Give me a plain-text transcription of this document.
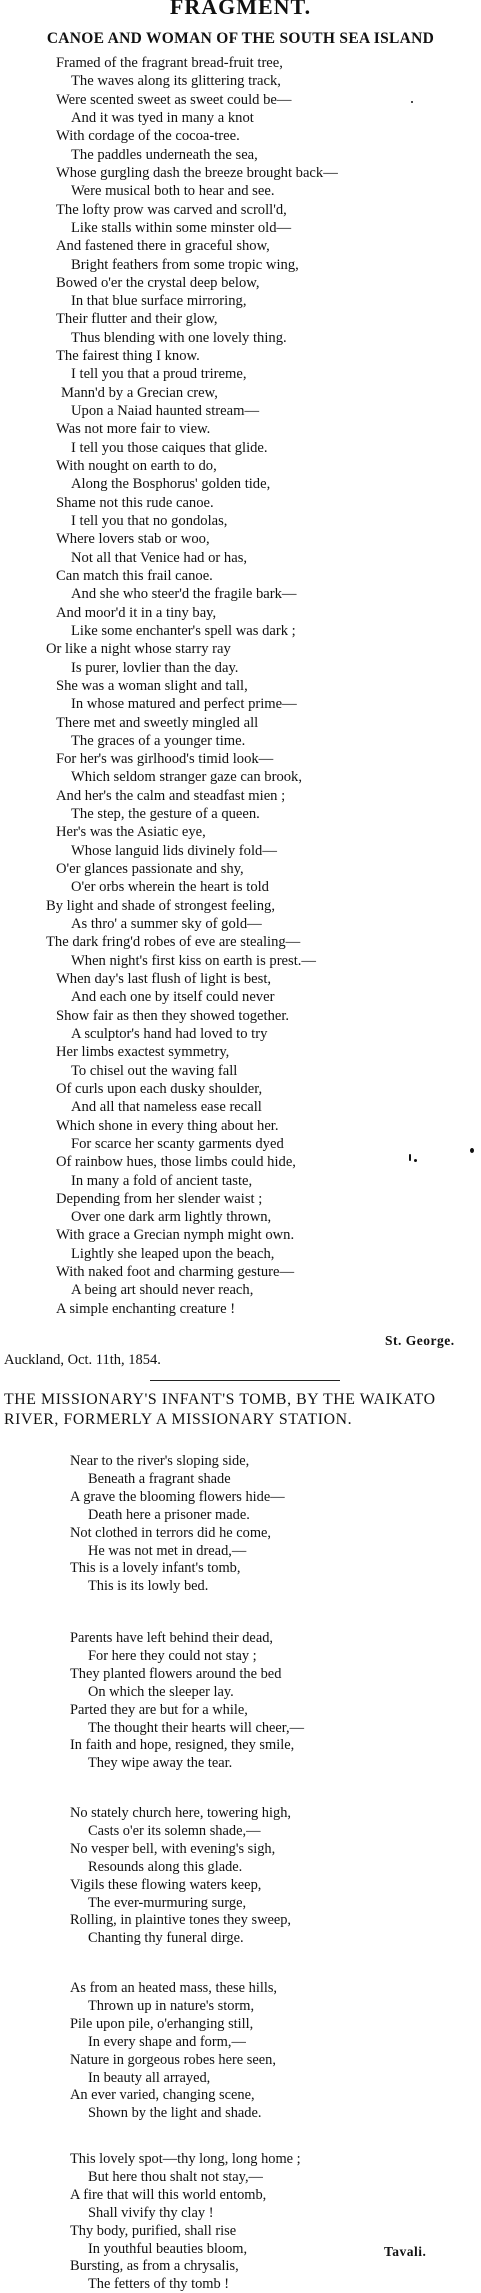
FRAGMENT.
CANOE AND WOMAN OF THE SOUTH SEA ISLAND
Framed of the fragrant bread-fruit tree,
The waves along its glittering track,
Were scented sweet as sweet could be—
And it was tyed in many a knot
With cordage of the cocoa-tree.
The paddles underneath the sea,
Whose gurgling dash the breeze brought back—
Were musical both to hear and see.
The lofty prow was carved and scroll'd,
Like stalls within some minster old—
And fastened there in graceful show,
Bright feathers from some tropic wing,
Bowed o'er the crystal deep below,
In that blue surface mirroring,
Their flutter and their glow,
Thus blending with one lovely thing.
The fairest thing I know.
I tell you that a proud trireme,
Mann'd by a Grecian crew,
Upon a Naiad haunted stream—
Was not more fair to view.
I tell you those caiques that glide.
With nought on earth to do,
Along the Bosphorus' golden tide,
Shame not this rude canoe.
I tell you that no gondolas,
Where lovers stab or woo,
Not all that Venice had or has,
Can match this frail canoe.
And she who steer'd the fragile bark—
And moor'd it in a tiny bay,
Like some enchanter's spell was dark ;
Or like a night whose starry ray
Is purer, lovlier than the day.
She was a woman slight and tall,
In whose matured and perfect prime—
There met and sweetly mingled all
The graces of a younger time.
For her's was girlhood's timid look—
Which seldom stranger gaze can brook,
And her's the calm and steadfast mien ;
The step, the gesture of a queen.
Her's was the Asiatic eye,
Whose languid lids divinely fold—
O'er glances passionate and shy,
O'er orbs wherein the heart is told
By light and shade of strongest feeling,
As thro' a summer sky of gold—
The dark fring'd robes of eve are stealing—
When night's first kiss on earth is prest.—
When day's last flush of light is best,
And each one by itself could never
Show fair as then they showed together.
A sculptor's hand had loved to try
Her limbs exactest symmetry,
To chisel out the waving fall
Of curls upon each dusky shoulder,
And all that nameless ease recall
Which shone in every thing about her.
For scarce her scanty garments dyed
Of rainbow hues, those limbs could hide,
In many a fold of ancient taste,
Depending from her slender waist ;
Over one dark arm lightly thrown,
With grace a Grecian nymph might own.
Lightly she leaped upon the beach,
With naked foot and charming gesture—
A being art should never reach,
A simple enchanting creature !
St. George.
Auckland, Oct. 11th, 1854.
THE MISSIONARY'S INFANT'S TOMB, BY THE WAIKATO RIVER, FORMERLY A MISSIONARY STATION.
Near to the river's sloping side,
Beneath a fragrant shade
A grave the blooming flowers hide—
Death here a prisoner made.
Not clothed in terrors did he come,
He was not met in dread,—
This is a lovely infant's tomb,
This is its lowly bed.
Parents have left behind their dead,
For here they could not stay ;
They planted flowers around the bed
On which the sleeper lay.
Parted they are but for a while,
The thought their hearts will cheer,—
In faith and hope, resigned, they smile,
They wipe away the tear.
No stately church here, towering high,
Casts o'er its solemn shade,—
No vesper bell, with evening's sigh,
Resounds along this glade.
Vigils these flowing waters keep,
The ever-murmuring surge,
Rolling, in plaintive tones they sweep,
Chanting thy funeral dirge.
As from an heated mass, these hills,
Thrown up in nature's storm,
Pile upon pile, o'erhanging still,
In every shape and form,—
Nature in gorgeous robes here seen,
In beauty all arrayed,
An ever varied, changing scene,
Shown by the light and shade.
This lovely spot—thy long, long home ;
But here thou shalt not stay,—
A fire that will this world entomb,
Shall vivify thy clay !
Thy body, purified, shall rise
In youthful beauties bloom,
Bursting, as from a chrysalis,
The fetters of thy tomb !
Tavali.
